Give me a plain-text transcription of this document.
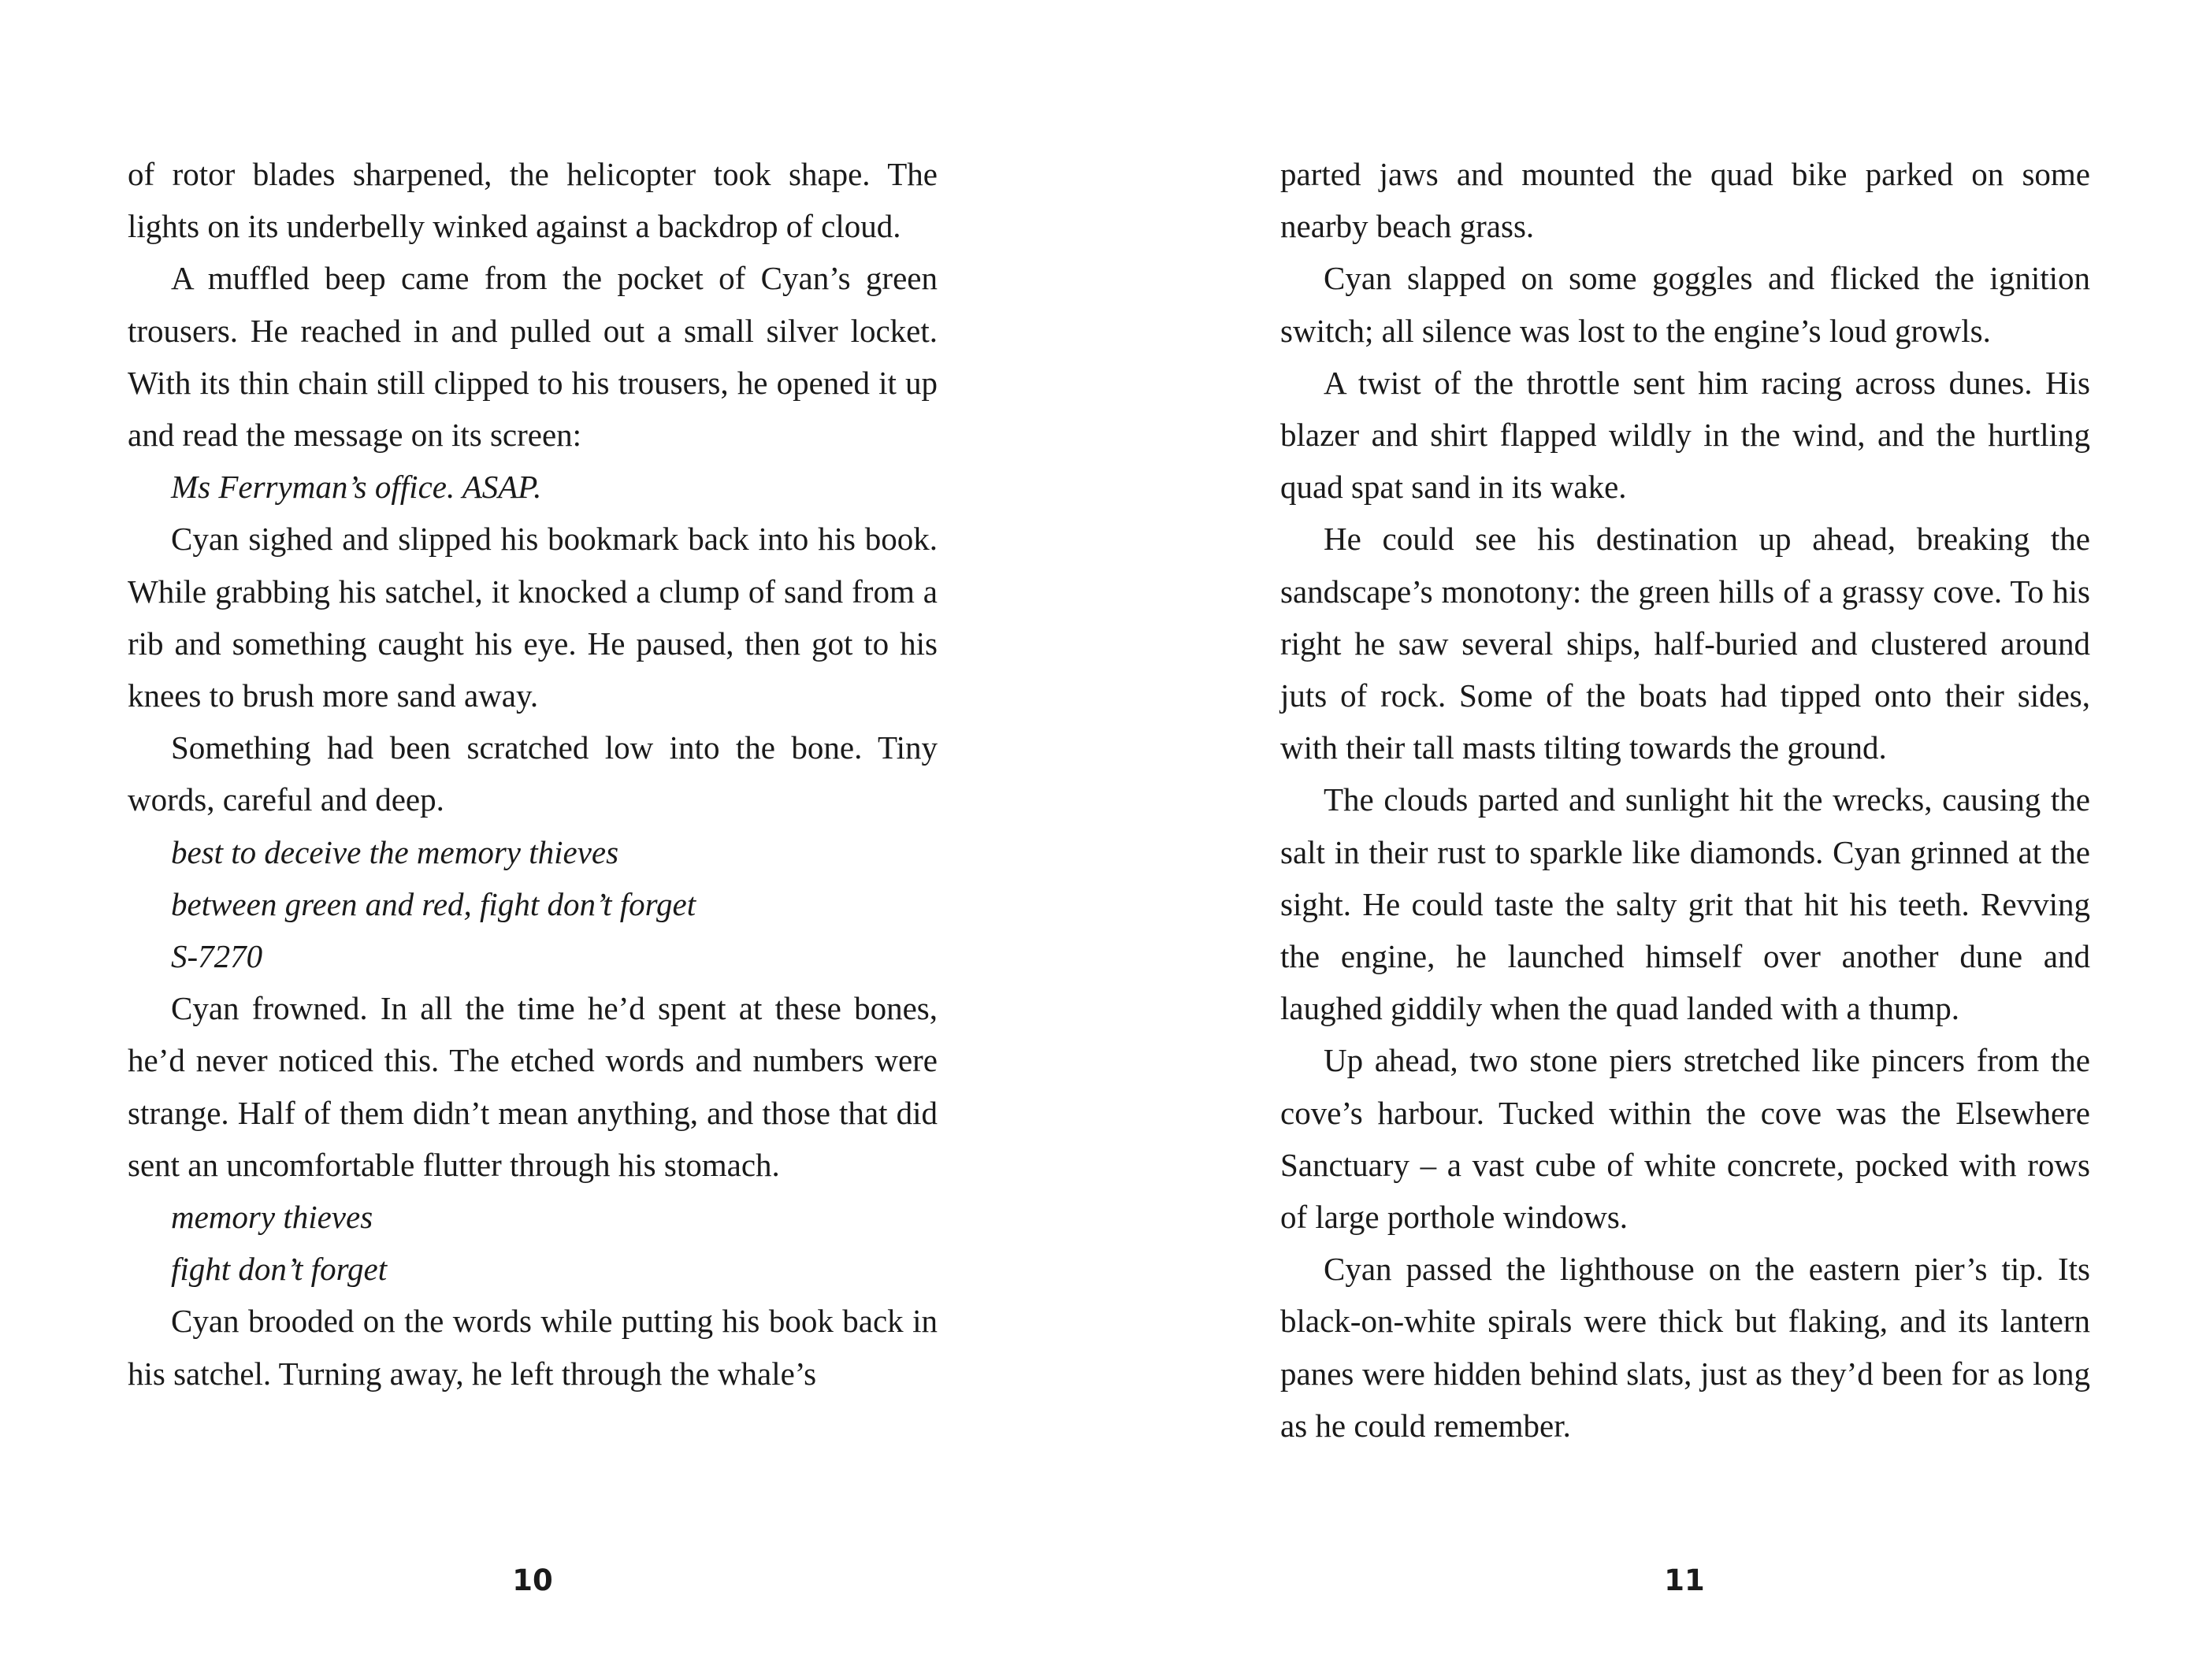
of rotor blades sharpened, the helicopter took shape. The lights on its underbelly winked against a backdrop of cloud.

A muffled beep came from the pocket of Cyan’s green trousers. He reached in and pulled out a small silver locket. With its thin chain still clipped to his trousers, he opened it up and read the message on its screen:

Ms Ferryman’s office. ASAP.

Cyan sighed and slipped his bookmark back into his book. While grabbing his satchel, it knocked a clump of sand from a rib and something caught his eye. He paused, then got to his knees to brush more sand away.

Something had been scratched low into the bone. Tiny words, careful and deep.

best to deceive the memory thieves

between green and red, fight don’t forget

S-7270

Cyan frowned. In all the time he’d spent at these bones, he’d never noticed this. The etched words and numbers were strange. Half of them didn’t mean anything, and those that did sent an uncomfortable flutter through his stomach.

memory thieves

fight don’t forget

Cyan brooded on the words while putting his book back in his satchel. Turning away, he left through the whale’s

parted jaws and mounted the quad bike parked on some nearby beach grass.

Cyan slapped on some goggles and flicked the ignition switch; all silence was lost to the engine’s loud growls.

A twist of the throttle sent him racing across dunes. His blazer and shirt flapped wildly in the wind, and the hurtling quad spat sand in its wake.

He could see his destination up ahead, breaking the sandscape’s monotony: the green hills of a grassy cove. To his right he saw several ships, half-buried and clustered around juts of rock. Some of the boats had tipped onto their sides, with their tall masts tilting towards the ground.

The clouds parted and sunlight hit the wrecks, causing the salt in their rust to sparkle like diamonds. Cyan grinned at the sight. He could taste the salty grit that hit his teeth. Revving the engine, he launched himself over another dune and laughed giddily when the quad landed with a thump.

Up ahead, two stone piers stretched like pincers from the cove’s harbour. Tucked within the cove was the Elsewhere Sanctuary – a vast cube of white concrete, pocked with rows of large porthole windows.

Cyan passed the lighthouse on the eastern pier’s tip. Its black-on-white spirals were thick but flaking, and its lantern panes were hidden behind slats, just as they’d been for as long as he could remember.

10	11
